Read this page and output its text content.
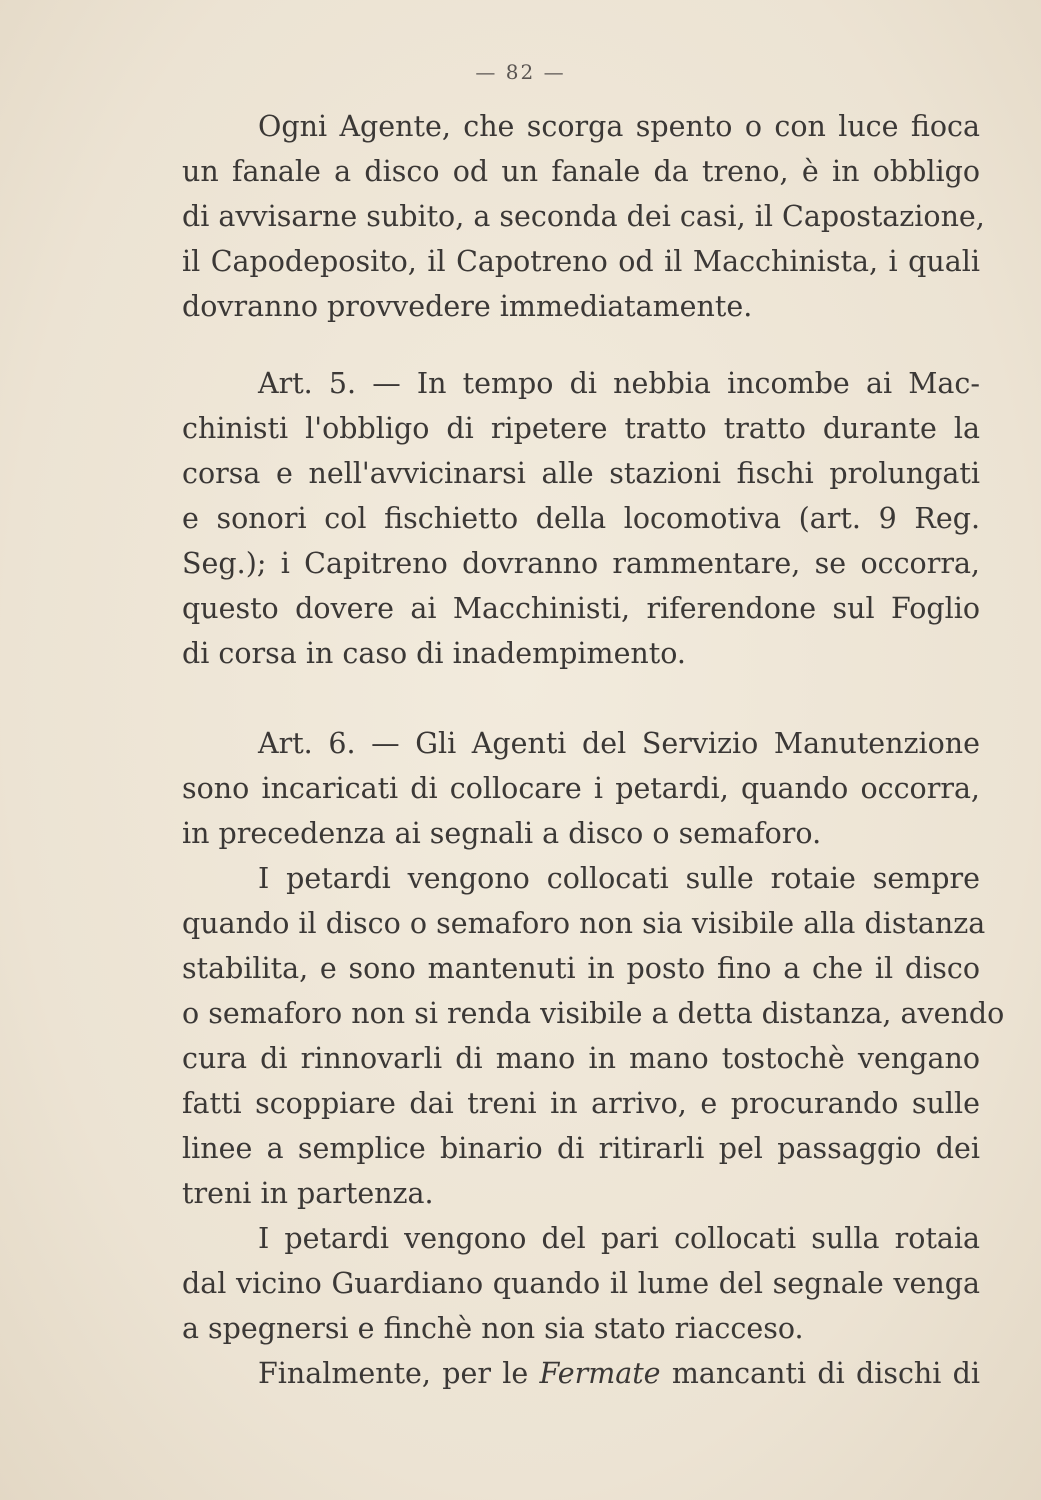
— 82 —
Ogni Agente, che scorga spento o con luce fioca
un fanale a disco od un fanale da treno, è in obbligo
di avvisarne subito, a seconda dei casi, il Capostazione,
il Capodeposito, il Capotreno od il Macchinista, i quali
dovranno provvedere immediatamente.
Art. 5. — In tempo di nebbia incombe ai Mac-
chinisti l'obbligo di ripetere tratto tratto durante la
corsa e nell'avvicinarsi alle stazioni fischi prolungati
e sonori col fischietto della locomotiva (art. 9 Reg.
Seg.); i Capitreno dovranno rammentare, se occorra,
questo dovere ai Macchinisti, riferendone sul Foglio
di corsa in caso di inadempimento.
Art. 6. — Gli Agenti del Servizio Manutenzione
sono incaricati di collocare i petardi, quando occorra,
in precedenza ai segnali a disco o semaforo.
I petardi vengono collocati sulle rotaie sempre
quando il disco o semaforo non sia visibile alla distanza
stabilita, e sono mantenuti in posto fino a che il disco
o semaforo non si renda visibile a detta distanza, avendo
cura di rinnovarli di mano in mano tostochè vengano
fatti scoppiare dai treni in arrivo, e procurando sulle
linee a semplice binario di ritirarli pel passaggio dei
treni in partenza.
I petardi vengono del pari collocati sulla rotaia
dal vicino Guardiano quando il lume del segnale venga
a spegnersi e finchè non sia stato riacceso.
Finalmente, per le Fermate mancanti di dischi di
